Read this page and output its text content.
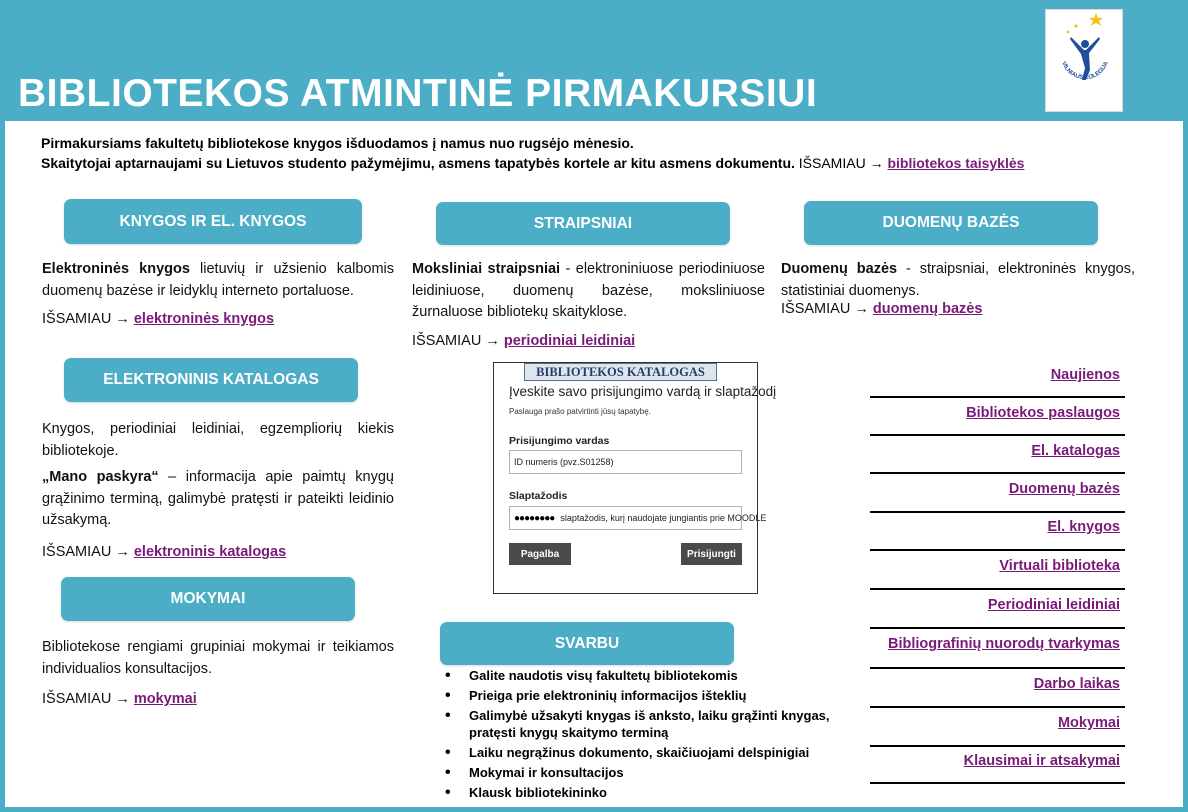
BIBLIOTEKOS ATMINTINĖ PIRMAKURSIUI
VILNIAUS KOLEGIJA
Pirmakursiams fakultetų bibliotekose knygos išduodamos į namus nuo rugsėjo mėnesio.
Skaitytojai aptarnaujami su Lietuvos studento pažymėjimu, asmens tapatybės kortele ar kitu asmens dokumentu. IŠSAMIAU → bibliotekos taisyklės
KNYGOS IR EL. KNYGOS
Elektroninės knygos lietuvių ir užsienio kalbomis duomenų bazėse ir leidyklų interneto portaluose.
IŠSAMIAU → elektroninės knygos
ELEKTRONINIS KATALOGAS
Knygos, periodiniai leidiniai, egzempliorių kiekis bibliotekoje.
„Mano paskyra“ – informacija apie paimtų knygų grąžinimo terminą, galimybė pratęsti ir pateikti leidinio užsakymą.
IŠSAMIAU → elektroninis katalogas
MOKYMAI
Bibliotekose rengiami grupiniai mokymai ir teikiamos individualios konsultacijos.
IŠSAMIAU → mokymai
STRAIPSNIAI
Moksliniai straipsniai - elektroniniuose periodiniuose leidiniuose, duomenų bazėse, moksliniuose žurnaluose bibliotekų skaityklose.
IŠSAMIAU → periodiniai leidiniai
BIBLIOTEKOS KATALOGAS
Įveskite savo prisijungimo vardą ir slaptažodį
Paslauga prašo patvirtinti jūsų tapatybę.
Prisijungimo vardas
ID numeris (pvz.S01258)
Slaptažodis
●●●●●●●● slaptažodis, kurį naudojate jungiantis prie MOODLE
Pagalba	Prisijungti
SVARBU
• Galite naudotis visų fakultetų bibliotekomis
• Prieiga prie elektroninių informacijos išteklių
• Galimybė užsakyti knygas iš anksto, laiku grąžinti knygas, pratęsti knygų skaitymo terminą
• Laiku negrąžinus dokumento, skaičiuojami delspinigiai
• Mokymai ir konsultacijos
• Klausk bibliotekininko
DUOMENŲ BAZĖS
Duomenų bazės - straipsniai, elektroninės knygos, statistiniai duomenys.
IŠSAMIAU → duomenų bazės
Naujienos
Bibliotekos paslaugos
El. katalogas
Duomenų bazės
El. knygos
Virtuali biblioteka
Periodiniai leidiniai
Bibliografinių nuorodų tvarkymas
Darbo laikas
Mokymai
Klausimai ir atsakymai
